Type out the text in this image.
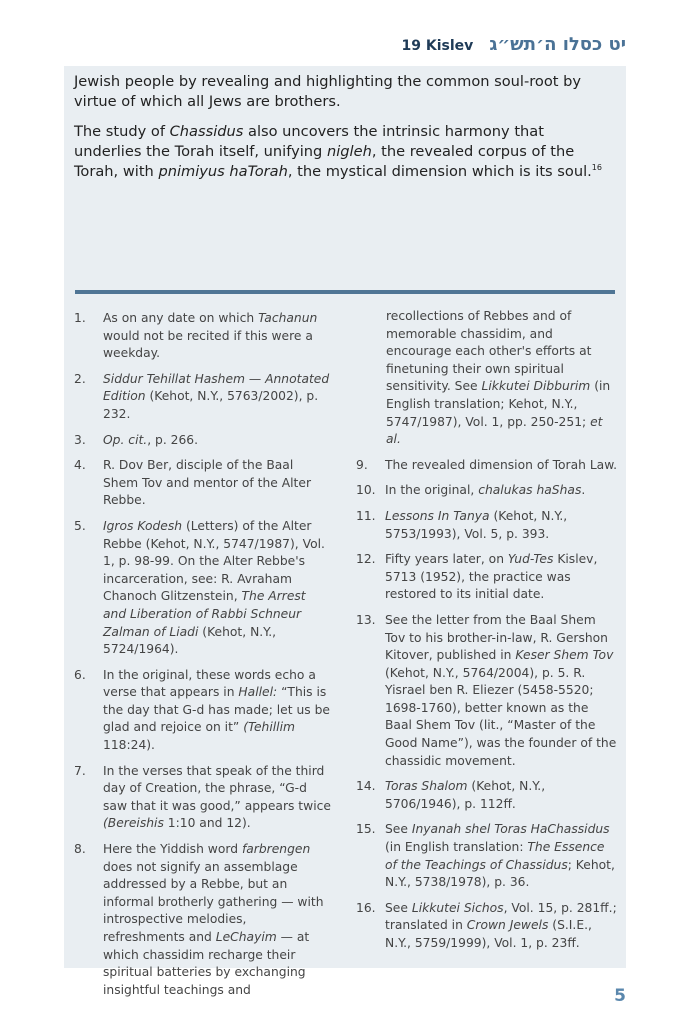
19 Kislev יט כסלו ה׳תש״ג

Jewish people by revealing and highlighting the common soul-root by virtue of which all Jews are brothers.

The study of Chassidus also uncovers the intrinsic harmony that underlies the Torah itself, unifying nigleh, the revealed corpus of the Torah, with pnimiyus haTorah, the mystical dimension which is its soul.$^{16}$

1.	As on any date on which Tachanun would not be recited if this were a weekday.
2.	Siddur Tehillat Hashem — Annotated Edition (Kehot, N.Y., 5763/2002), p. 232.
3.	Op. cit., p. 266.
4.	R. Dov Ber, disciple of the Baal Shem Tov and mentor of the Alter Rebbe.
5.	Igros Kodesh (Letters) of the Alter Rebbe (Kehot, N.Y., 5747/1987), Vol. 1, p. 98-99. On the Alter Rebbe's incarceration, see: R. Avraham Chanoch Glitzenstein, The Arrest and Liberation of Rabbi Schneur Zalman of Liadi (Kehot, N.Y., 5724/1964).
6.	In the original, these words echo a verse that appears in Hallel: “This is the day that G-d has made; let us be glad and rejoice on it” (Tehillim 118:24).
7.	In the verses that speak of the third day of Creation, the phrase, “G-d saw that it was good,” appears twice (Bereishis 1:10 and 12).
8.	Here the Yiddish word farbrengen does not signify an assemblage addressed by a Rebbe, but an informal brotherly gathering — with introspective melodies, refreshments and LeChayim — at which chassidim recharge their spiritual batteries by exchanging insightful teachings and
recollections of Rebbes and of memorable chassidim, and encourage each other's efforts at finetuning their own spiritual sensitivity. See Likkutei Dibburim (in English translation; Kehot, N.Y., 5747/1987), Vol. 1, pp. 250-251; et al.
9.	The revealed dimension of Torah Law.
10. In the original, chalukas haShas.
11. Lessons In Tanya (Kehot, N.Y., 5753/1993), Vol. 5, p. 393.
12. Fifty years later, on Yud-Tes Kislev, 5713 (1952), the practice was restored to its initial date.
13. See the letter from the Baal Shem Tov to his brother-in-law, R. Gershon Kitover, published in Keser Shem Tov (Kehot, N.Y., 5764/2004), p. 5. R. Yisrael ben R. Eliezer (5458-5520; 1698-1760), better known as the Baal Shem Tov (lit., “Master of the Good Name”), was the founder of the chassidic movement.
14. Toras Shalom (Kehot, N.Y., 5706/1946), p. 112ff.
15. See Inyanah shel Toras HaChassidus (in English translation: The Essence of the Teachings of Chassidus; Kehot, N.Y., 5738/1978), p. 36.
16. See Likkutei Sichos, Vol. 15, p. 281ff.; translated in Crown Jewels (S.I.E., N.Y., 5759/1999), Vol. 1, p. 23ff.
5
